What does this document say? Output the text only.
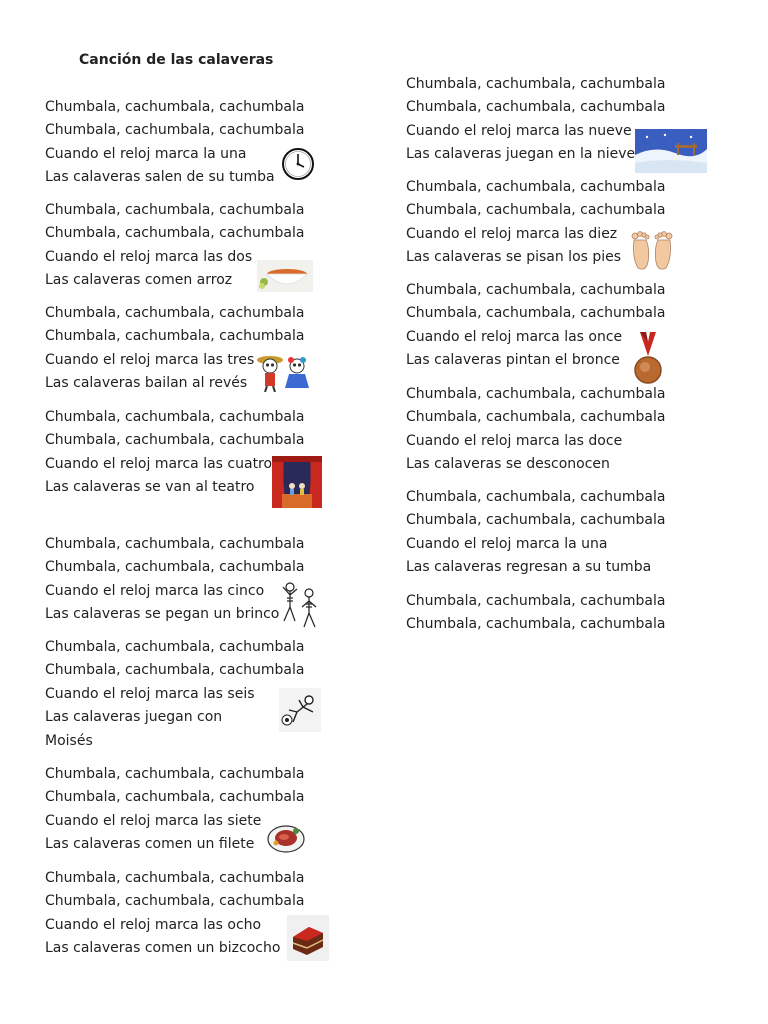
Canción de las calaveras
Chumbala, cachumbala, cachumbala
Chumbala, cachumbala, cachumbala
Cuando el reloj marca la una
Las calaveras salen de su tumba
Chumbala, cachumbala, cachumbala
Chumbala, cachumbala, cachumbala
Cuando el reloj marca las dos
Las calaveras comen arroz
Chumbala, cachumbala, cachumbala
Chumbala, cachumbala, cachumbala
Cuando el reloj marca las tres
Las calaveras bailan al revés
Chumbala, cachumbala, cachumbala
Chumbala, cachumbala, cachumbala
Cuando el reloj marca las cuatro
Las calaveras se van al teatro
Chumbala, cachumbala, cachumbala
Chumbala, cachumbala, cachumbala
Cuando el reloj marca las cinco
Las calaveras se pegan un brinco
Chumbala, cachumbala, cachumbala
Chumbala, cachumbala, cachumbala
Cuando el reloj marca las seis
Las calaveras juegan con
Moisés
Chumbala, cachumbala, cachumbala
Chumbala, cachumbala, cachumbala
Cuando el reloj marca las siete
Las calaveras comen un filete
Chumbala, cachumbala, cachumbala
Chumbala, cachumbala, cachumbala
Cuando el reloj marca las ocho
Las calaveras comen un bizcocho
Chumbala, cachumbala, cachumbala
Chumbala, cachumbala, cachumbala
Cuando el reloj marca las nueve
Las calaveras juegan en la nieve
Chumbala, cachumbala, cachumbala
Chumbala, cachumbala, cachumbala
Cuando el reloj marca las diez
Las calaveras se pisan los pies
Chumbala, cachumbala, cachumbala
Chumbala, cachumbala, cachumbala
Cuando el reloj marca las once
Las calaveras pintan el bronce
Chumbala, cachumbala, cachumbala
Chumbala, cachumbala, cachumbala
Cuando el reloj marca las doce
Las calaveras se desconocen
Chumbala, cachumbala, cachumbala
Chumbala, cachumbala, cachumbala
Cuando el reloj marca la una
Las calaveras regresan a su tumba
Chumbala, cachumbala, cachumbala
Chumbala, cachumbala, cachumbala
